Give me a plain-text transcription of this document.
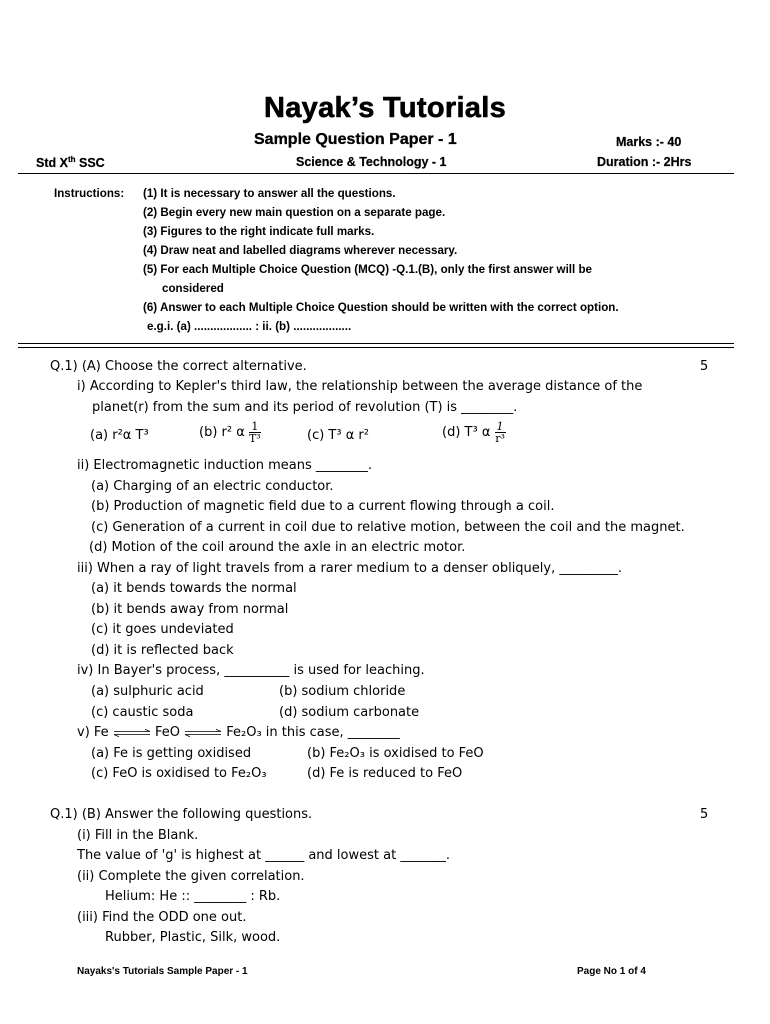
Nayak’s Tutorials
Sample Question Paper - 1	Marks :- 40
Std Xth SSC	Science & Technology - 1	Duration :- 2Hrs
Instructions: (1) It is necessary to answer all the questions.
(2) Begin every new main question on a separate page.
(3) Figures to the right indicate full marks.
(4) Draw neat and labelled diagrams wherever necessary.
(5) For each Multiple Choice Question (MCQ) -Q.1.(B), only the first answer will be
considered
(6) Answer to each Multiple Choice Question should be written with the correct option.
e.g.i. (a) .................. : ii. (b) ..................
Q.1) (A) Choose the correct alternative.	5
i) According to Kepler's third law, the relationship between the average distance of the
planet(r) from the sum and its period of revolution (T) is ________.
(a) r²α T³	(b) r² α $\frac{1}{\text{T³}}$	(c) T³ α r²	(d) T³ α $\frac{1}{\text{r³}}$
ii) Electromagnetic induction means ________.
(a) Charging of an electric conductor.
(b) Production of magnetic field due to a current flowing through a coil.
(c) Generation of a current in coil due to relative motion, between the coil and the magnet.
(d) Motion of the coil around the axle in an electric motor.
iii) When a ray of light travels from a rarer medium to a denser obliquely, _________.
(a) it bends towards the normal
(b) it bends away from normal
(c) it goes undeviated
(d) it is reflected back
iv) In Bayer's process, __________ is used for leaching.
(a) sulphuric acid	(b) sodium chloride
(c) caustic soda	(d) sodium carbonate
v) Fe ⇌ FeO ⇌ Fe₂O₃ in this case, ________
(a) Fe is getting oxidised	(b) Fe₂O₃ is oxidised to FeO
(c) FeO is oxidised to Fe₂O₃	(d) Fe is reduced to FeO
Q.1) (B) Answer the following questions.	5
(i) Fill in the Blank.
The value of 'g' is highest at ______ and lowest at _______.
(ii) Complete the given correlation.
Helium: He :: ________ : Rb.
(iii) Find the ODD one out.
Rubber, Plastic, Silk, wood.
Nayaks's Tutorials Sample Paper - 1	Page No 1 of 4
